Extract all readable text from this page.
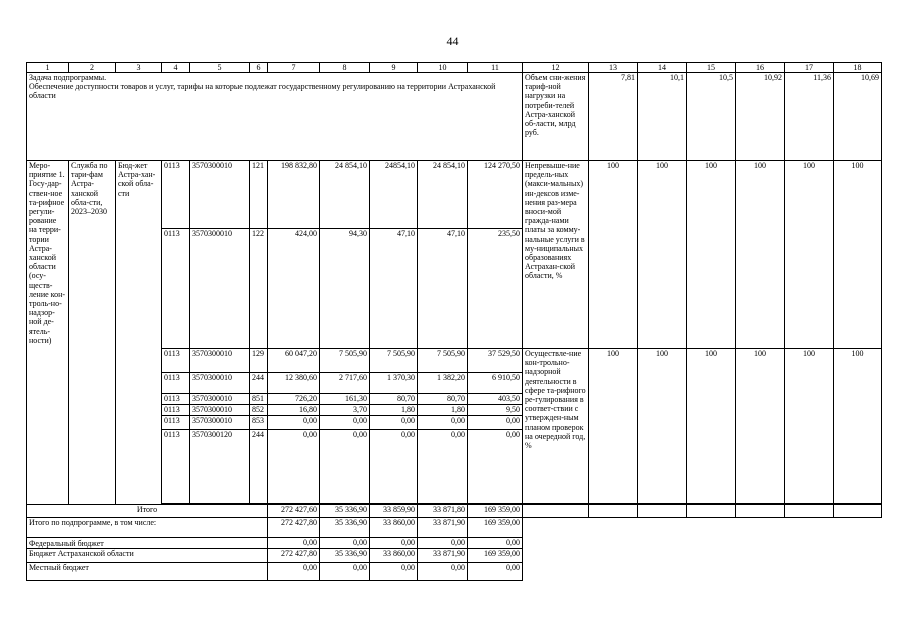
44
1	2	3	4	5	6	7	8	9	10	11	12	13	14	15	16	17	18
Задача подпрограммы.
Обеспечение доступности товаров и услуг, тарифы на которые подлежат государственному регулированию на территории Астраханской области											Объем сни-жения тариф-ной нагрузки на потреби-телей Астра-ханской об-ласти, млрд руб.	7,81	10,1	10,5	10,92	11,36	10,69
Меро-приятие 1. Госу-дар-ствен-ное та-рифное регули-рование на терри-тории Астра-ханской области (осу-ществ-ление кон-троль-но-надзор-ной де-ятель-ности)	Служба по тари-фам Астра-ханской обла-сти, 2023–2030	Бюд-жет Астра-хан-ской обла-сти	0113	3570300010	121	198 832,80	24 854,10	24854,10	24 854,10	124 270,50	Непревыше-ние предель-ных (макси-мальных) ин-дексов изме-нения раз-мера вноси-мой гражда-нами платы за комму-нальные услуги в му-ниципальных образованиях Астрахан-ской области, %	100	100	100	100	100	100
			0113	3570300010	122	424,00	94,30	47,10	47,10	235,50							
			0113	3570300010	129	60 047,20	7 505,90	7 505,90	7 505,90	37 529,50	Осуществле-ние кон-трольно-надзорной деятельности в сфере та-рифного ре-гулирования в соответ-ствии с утвержден-ным планом проверок на очередной год, %	100	100	100	100	100	100
			0113	3570300010	244	12 380,60	2 717,60	1 370,30	1 382,20	6 910,50							
			0113	3570300010	851	726,20	161,30	80,70	80,70	403,50							
			0113	3570300010	852	16,80	3,70	1,80	1,80	9,50							
			0113	3570300010	853	0,00	0,00	0,00	0,00	0,00							
			0113	3570300120	244	0,00	0,00	0,00	0,00	0,00							

Итого						272 427,60	35 336,90	33 859,90	33 871,80	169 359,00							
Итого по подпрограмме, в том числе:						272 427,80	35 336,90	33 860,00	33 871,90	169 359,00							
Федеральный бюджет						0,00	0,00	0,00	0,00	0,00							
Бюджет Астраханской области						272 427,80	35 336,90	33 860,00	33 871,90	169 359,00							
Местный бюджет						0,00	0,00	0,00	0,00	0,00							
